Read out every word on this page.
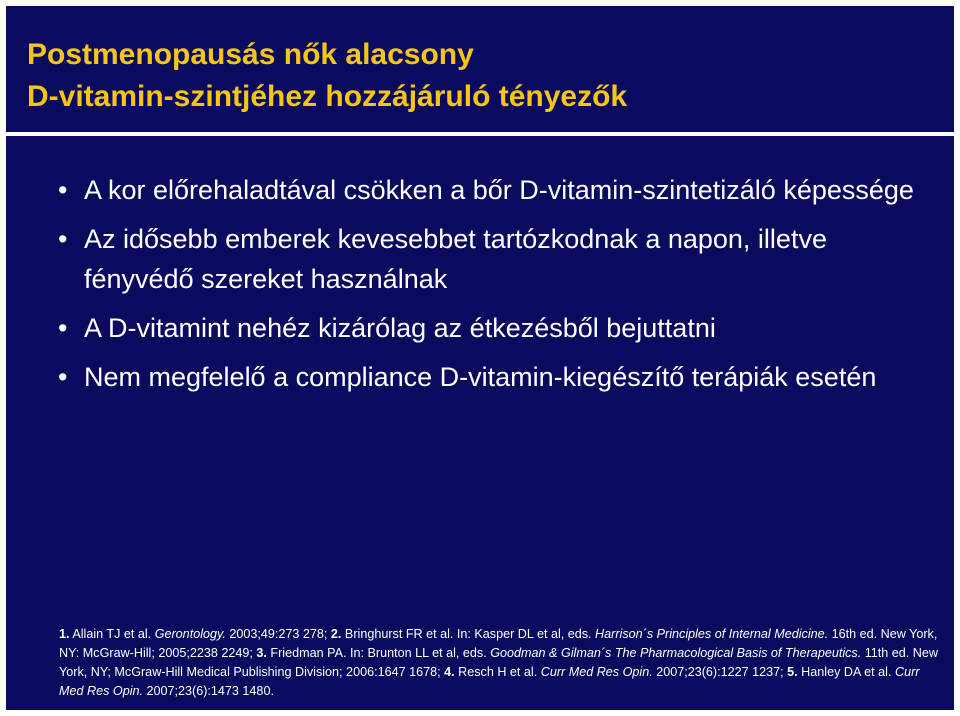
Postmenopausás nők alacsony
D-vitamin-szintjéhez hozzájáruló tényezők
• A kor előrehaladtával csökken a bőr D-vitamin-szintetizáló képessége
• Az idősebb emberek kevesebbet tartózkodnak a napon, illetve fényvédő szereket használnak
• A D-vitamint nehéz kizárólag az étkezésből bejuttatni
• Nem megfelelő a compliance D-vitamin-kiegészítő terápiák esetén
1. Allain TJ et al. Gerontology. 2003;49:273 278; 2. Bringhurst FR et al. In: Kasper DL et al, eds. Harrison´s Principles of Internal Medicine. 16th ed. New York, NY: McGraw-Hill; 2005;2238 2249; 3. Friedman PA. In: Brunton LL et al, eds. Goodman & Gilman´s The Pharmacological Basis of Therapeutics. 11th ed. New York, NY; McGraw-Hill Medical Publishing Division; 2006:1647 1678; 4. Resch H et al. Curr Med Res Opin. 2007;23(6):1227 1237; 5. Hanley DA et al. Curr Med Res Opin. 2007;23(6):1473 1480.
